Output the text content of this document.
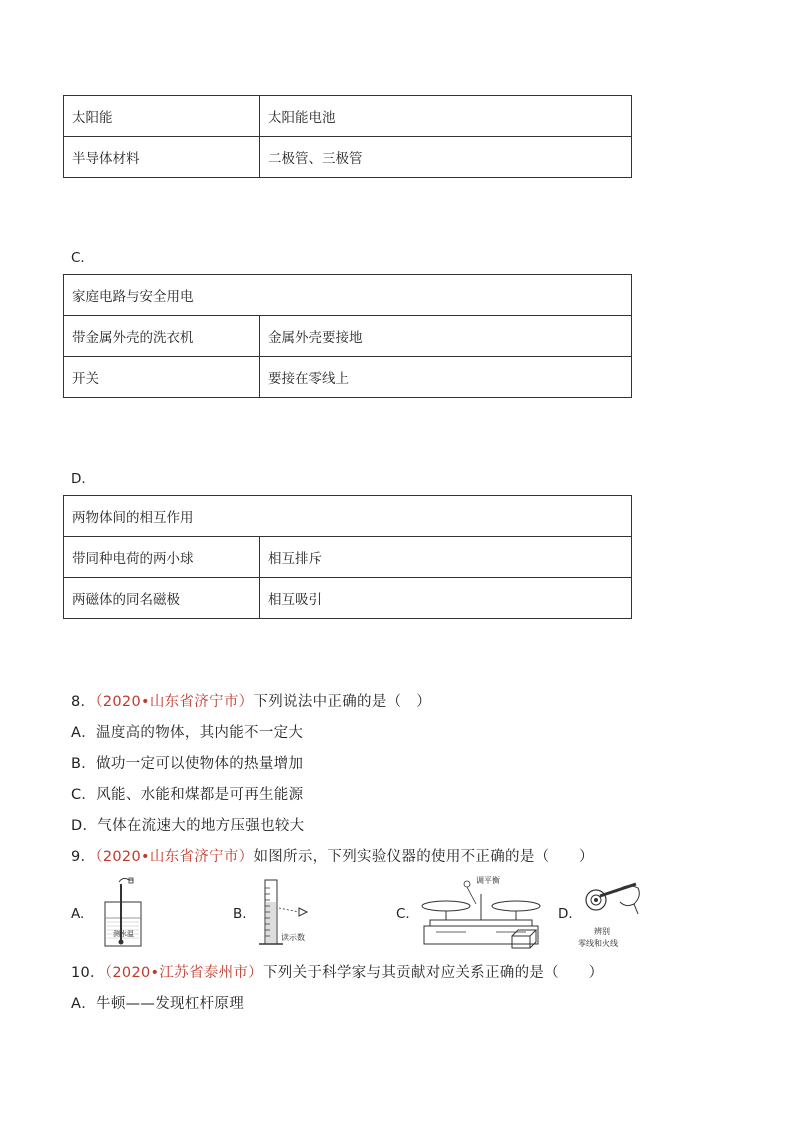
太阳能	太阳能电池
半导体材料	二极管、三极管
C.
家庭电路与安全用电	
带金属外壳的洗衣机	金属外壳要接地
开关	要接在零线上
D.
两物体间的相互作用	
带同种电荷的两小球	相互排斥
两磁体的同名磁极	相互吸引
8．（2020•山东省济宁市）下列说法中正确的是（　）
A．温度高的物体，其内能不一定大
B．做功一定可以使物体的热量增加
C．风能、水能和煤都是可再生能源
D．气体在流速大的地方压强也较大
9．（2020•山东省济宁市）如图所示，下列实验仪器的使用不正确的是（　　）
A.
测水温
B.
读示数
C.
调平衡
D.
辨别
零线和火线
10．（2020•江苏省泰州市）下列关于科学家与其贡献对应关系正确的是（　　）
A．牛顿——发现杠杆原理
